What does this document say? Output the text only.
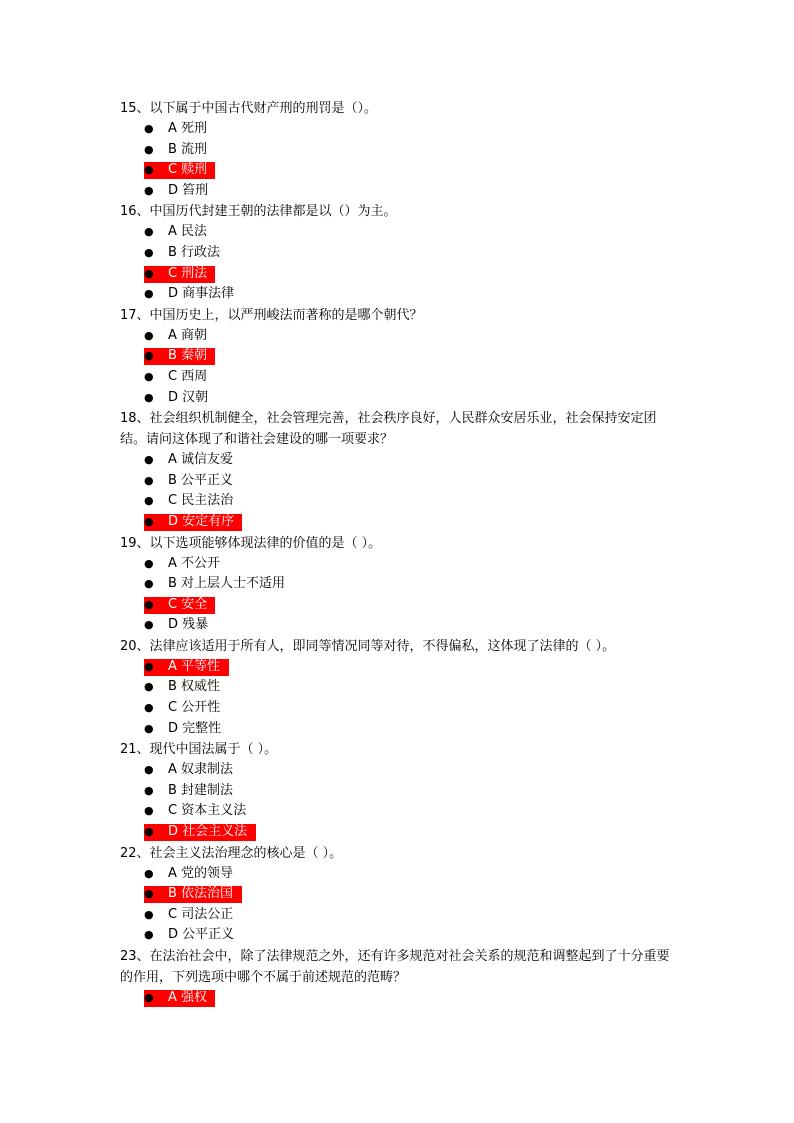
15、以下属于中国古代财产刑的刑罚是（）。
● A 死刑
● B 流刑
● C 赎刑
● D 笞刑
16、中国历代封建王朝的法律都是以（）为主。
● A 民法
● B 行政法
● C 刑法
● D 商事法律
17、中国历史上，以严刑峻法而著称的是哪个朝代？
● A 商朝
● B 秦朝
● C 西周
● D 汉朝
18、社会组织机制健全，社会管理完善，社会秩序良好，人民群众安居乐业，社会保持安定团结。请问这体现了和谐社会建设的哪一项要求？
● A 诚信友爱
● B 公平正义
● C 民主法治
● D 安定有序
19、以下选项能够体现法律的价值的是（ ）。
● A 不公开
● B 对上层人士不适用
● C 安全
● D 残暴
20、法律应该适用于所有人，即同等情况同等对待，不得偏私，这体现了法律的（ ）。
● A 平等性
● B 权威性
● C 公开性
● D 完整性
21、现代中国法属于（ ）。
● A 奴隶制法
● B 封建制法
● C 资本主义法
● D 社会主义法
22、社会主义法治理念的核心是（ ）。
● A 党的领导
● B 依法治国
● C 司法公正
● D 公平正义
23、在法治社会中，除了法律规范之外，还有许多规范对社会关系的规范和调整起到了十分重要的作用，下列选项中哪个不属于前述规范的范畴？
● A 强权
